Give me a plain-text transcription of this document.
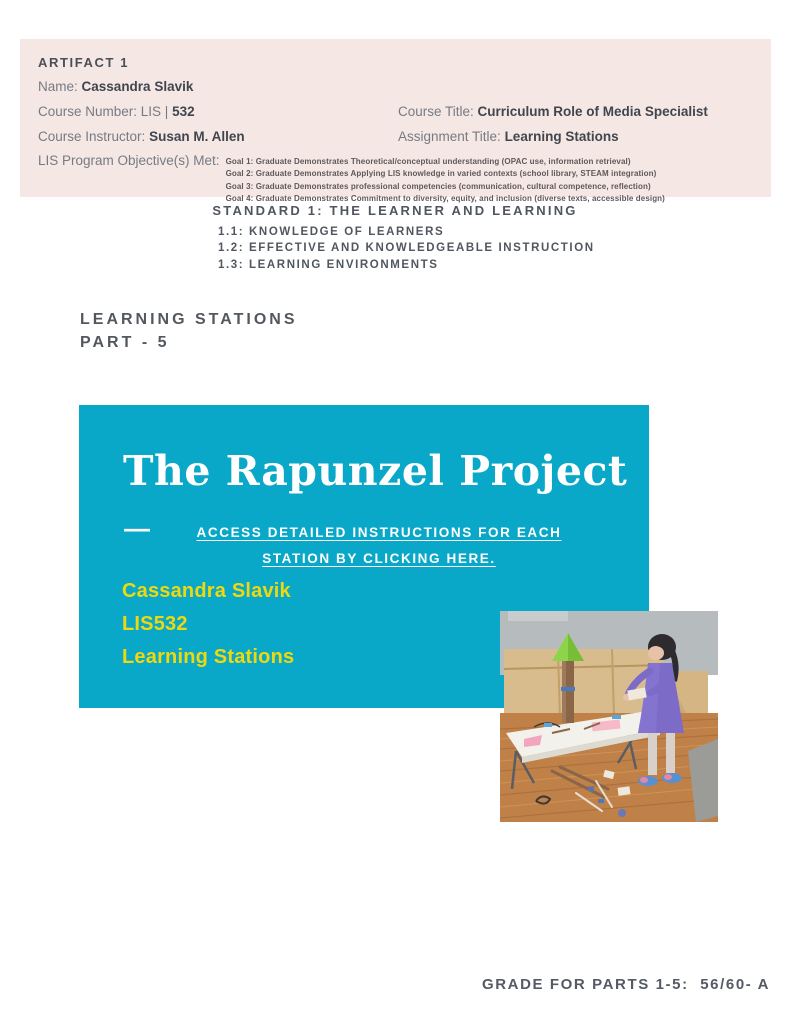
ARTIFACT 1
Name: Cassandra Slavik
Course Number: LIS | 532	Course Title: Curriculum Role of Media Specialist
Course Instructor: Susan M. Allen	Assignment Title: Learning Stations
LIS Program Objective(s) Met: Goal 1: Graduate Demonstrates Theoretical/conceptual understanding (OPAC use, information retrieval)
Goal 2: Graduate Demonstrates Applying LIS knowledge in varied contexts (school library, STEAM integration)
Goal 3: Graduate Demonstrates professional competencies (communication, cultural competence, reflection)
Goal 4: Graduate Demonstrates Commitment to diversity, equity, and inclusion (diverse texts, accessible design)
STANDARD 1: THE LEARNER AND LEARNING
1.1: KNOWLEDGE OF LEARNERS
1.2: EFFECTIVE AND KNOWLEDGEABLE INSTRUCTION
1.3: LEARNING ENVIRONMENTS
LEARNING STATIONS
PART - 5
The Rapunzel Project
—	ACCESS DETAILED INSTRUCTIONS FOR EACH STATION BY CLICKING HERE.
Cassandra Slavik
LIS532
Learning Stations
GRADE FOR PARTS 1-5:  56/60- A
